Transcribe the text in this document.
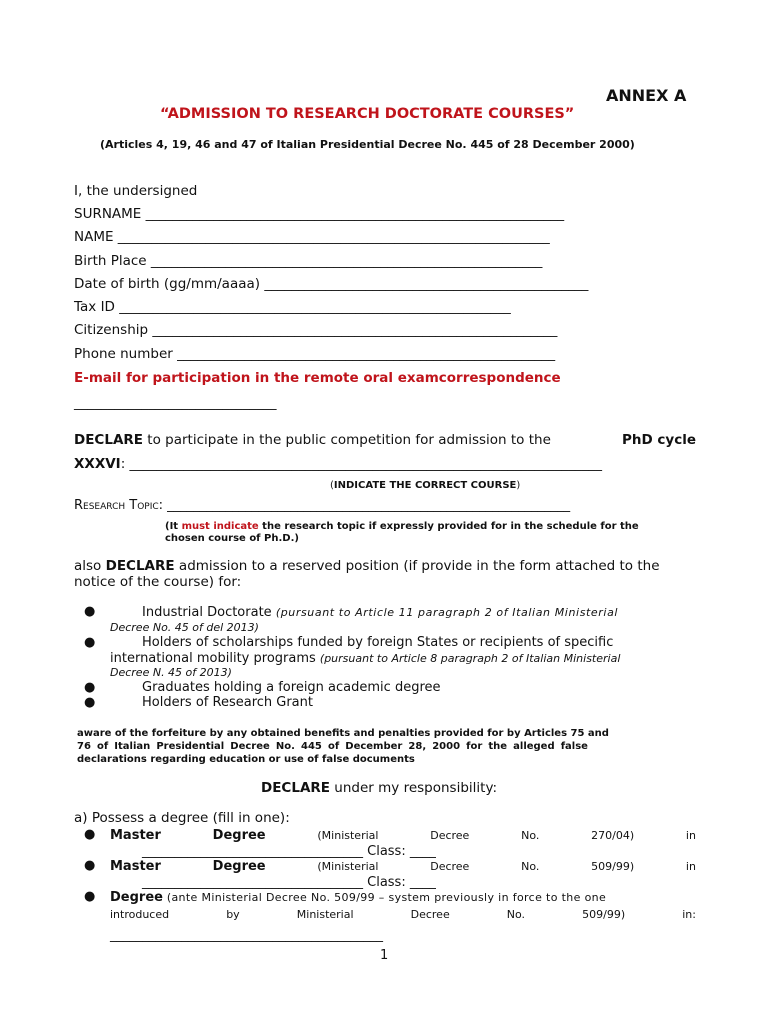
ANNEX A
“ADMISSION TO RESEARCH DOCTORATE COURSES”
(Articles 4, 19, 46 and 47 of Italian Presidential Decree No. 445 of 28 December 2000)
I, the undersigned
SURNAME ______________________________________________________________
NAME ________________________________________________________________
Birth Place __________________________________________________________
Date of birth (gg/mm/aaaa) ________________________________________________
Tax ID __________________________________________________________
Citizenship ____________________________________________________________
Phone number ________________________________________________________
E-mail for participation in the remote oral examcorrespondence
______________________________
DECLARE to participate in the public competition for admission to the	PhD cycle
XXXVI: ______________________________________________________________________
(INDICATE THE CORRECT COURSE)
Research Topic: ______________________________________________________________
(It must indicate the research topic if expressly provided for in the schedule for the
chosen course of Ph.D.)
also DECLARE admission to a reserved position (if provide in the form attached to the
notice of the course) for:
●	Industrial Doctorate (pursuant to Article 11 paragraph 2 of Italian Ministerial
Decree No. 45 of del 2013)
●	Holders of scholarships funded by foreign States or recipients of specific
international mobility programs (pursuant to Article 8 paragraph 2 of Italian Ministerial
Decree N. 45 of 2013)
●	Graduates holding a foreign academic degree
●	Holders of Research Grant
aware of the forfeiture by any obtained benefits and penalties provided for by Articles 75 and
76 of Italian Presidential Decree No. 445 of December 28, 2000 for the alleged false
declarations regarding education or use of false documents
DECLARE under my responsibility:
a) Possess a degree (fill in one):
● Master	Degree	(Ministerial	Decree	No.	270/04)	in
__________________________________ Class: ____
● Master	Degree	(Ministerial	Decree	No.	509/99)	in
__________________________________ Class: ____
● Degree (ante Ministerial Decree No. 509/99 – system previously in force to the one
introduced	by	Ministerial	Decree	No.	509/99)	in:
__________________________________________
1
